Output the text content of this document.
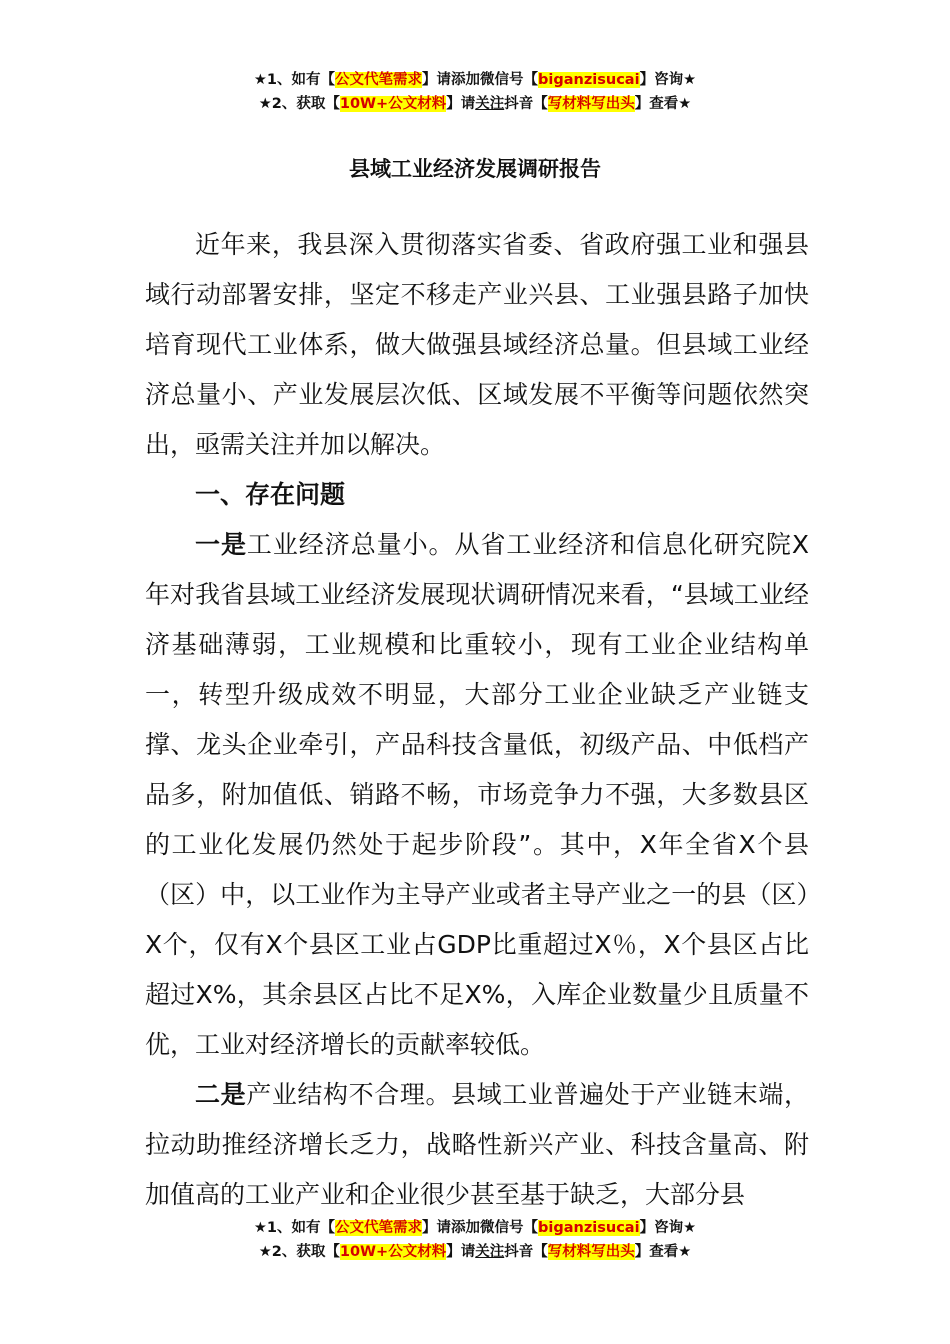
★1、如有【公文代笔需求】请添加微信号【biganzisucai】咨询★
★2、获取【10W+公文材料】请关注抖音【写材料写出头】查看★
县域工业经济发展调研报告

近年来，我县深入贯彻落实省委、省政府强工业和强县域行动部署安排，坚定不移走产业兴县、工业强县路子加快培育现代工业体系，做大做强县域经济总量。但县域工业经济总量小、产业发展层次低、区域发展不平衡等问题依然突出，亟需关注并加以解决。

一、存在问题

一是工业经济总量小。从省工业经济和信息化研究院X年对我省县域工业经济发展现状调研情况来看，“县域工业经济基础薄弱，工业规模和比重较小，现有工业企业结构单一，转型升级成效不明显，大部分工业企业缺乏产业链支撑、龙头企业牵引，产品科技含量低，初级产品、中低档产品多，附加值低、销路不畅，市场竞争力不强，大多数县区的工业化发展仍然处于起步阶段”。其中，X年全省X个县（区）中，以工业作为主导产业或者主导产业之一的县（区）X个，仅有X个县区工业占GDP比重超过X％，X个县区占比超过X%，其余县区占比不足X%，入库企业数量少且质量不优，工业对经济增长的贡献率较低。

二是产业结构不合理。县域工业普遍处于产业链末端，拉动助推经济增长乏力，战略性新兴产业、科技含量高、附加值高的工业产业和企业很少甚至基于缺乏，大部分县

★1、如有【公文代笔需求】请添加微信号【biganzisucai】咨询★
★2、获取【10W+公文材料】请关注抖音【写材料写出头】查看★
